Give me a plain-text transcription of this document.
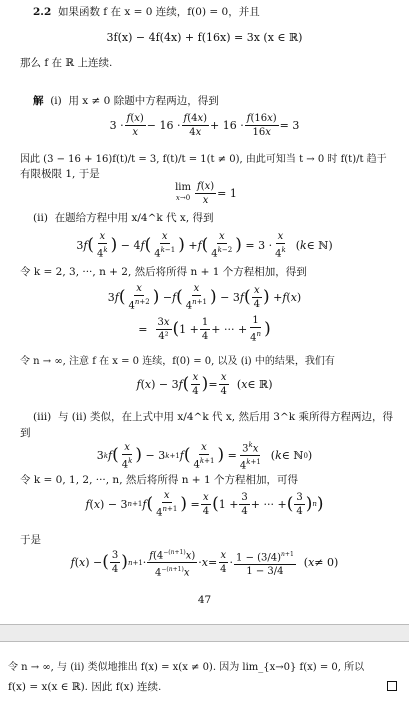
2.2 如果函数 f 在 x = 0 连续，f(0) = 0，并且
3f(x) − 4f(4x) + f(16x) = 3x (x ∈ ℝ)
那么 f 在 ℝ 上连续.
解 (i) 用 x ≠ 0 除题中方程两边，得到
$3 \cdot \frac{f(x)}{x} - 16 \cdot \frac{f(4x)}{4x} + 16 \cdot \frac{f(16x)}{16x} = 3$
因此 (3 − 16 + 16)f(t)/t = 3, f(t)/t = 1(t ≠ 0), 由此可知当 t → 0 时 f(t)/t 趋于
有限极限 1, 于是
lim
$x\to 0 \frac{f(x)}{x} = 1$
(ii) 在题给方程中用 x/4^k 代 x, 得到
3 f ( $\frac{x}{4^k}$ ) − 4 f ( $\frac{x}{4^{k-1}}$ ) + f ( $\frac{x}{4^{k-2}}$ ) = $3 \cdot \frac{x}{4^k}$ ( k ∈ ℕ)
令 k = 2, 3, ···, n + 2, 然后将所得 n + 1 个方程相加，得到
3 f ( $\frac{x}{4^{n+2}}$ ) − f ( $\frac{x}{4^{n+1}}$ ) − 3 f ( $\frac{x}{4}$ ) + f ( x )
= $\frac{3x}{\text{4²}}$ ( $1 + \frac{1}{4}$ + ··· + $\frac{1}{4^n}$ )
令 n → ∞, 注意 f 在 x = 0 连续，f(0) = 0, 以及 (i) 中的结果，我们有
f ( x ) − 3 f ( $\frac{x}{4}$ ) = $\frac{x}{4}$ ( x ∈ ℝ)
(iii) 与 (ii) 类似，在上式中用 x/4^k 代 x, 然后用 3^k 乘所得方程两边，得
到
3 k f ( $\frac{x}{4^k}$ ) − 3 k+1 f ( $\frac{x}{4^{k+1}}$ ) = $\frac{3^kx}{4^{k+1}}$ ( k ∈ ℕ 0 )
令 k = 0, 1, 2, ···, n, 然后将所得 n + 1 个方程相加，可得
f ( x ) − 3 n+1 f ( $\frac{x}{4^{n+1}}$ ) = $\frac{x}{4}$ ( $1 + \frac{3}{4}$ + ··· + ( $\frac{3}{4}$ ) n )
于是
f ( x ) − ( $\frac{3}{4}$ ) $n+1 \cdot \frac{f(4^{-(n+1)}x)}{4^{-(n+1)}x} \cdot x = \frac{x}{4} \cdot \frac{1 - (3/4)^{n+1}}{1 - 3/4}$ ( x ≠ 0)
47
令 n → ∞, 与 (ii) 类似地推出 f(x) = x(x ≠ 0). 因为 lim_{x→0} f(x) = 0, 所以
f(x) = x(x ∈ ℝ). 因此 f(x) 连续.
